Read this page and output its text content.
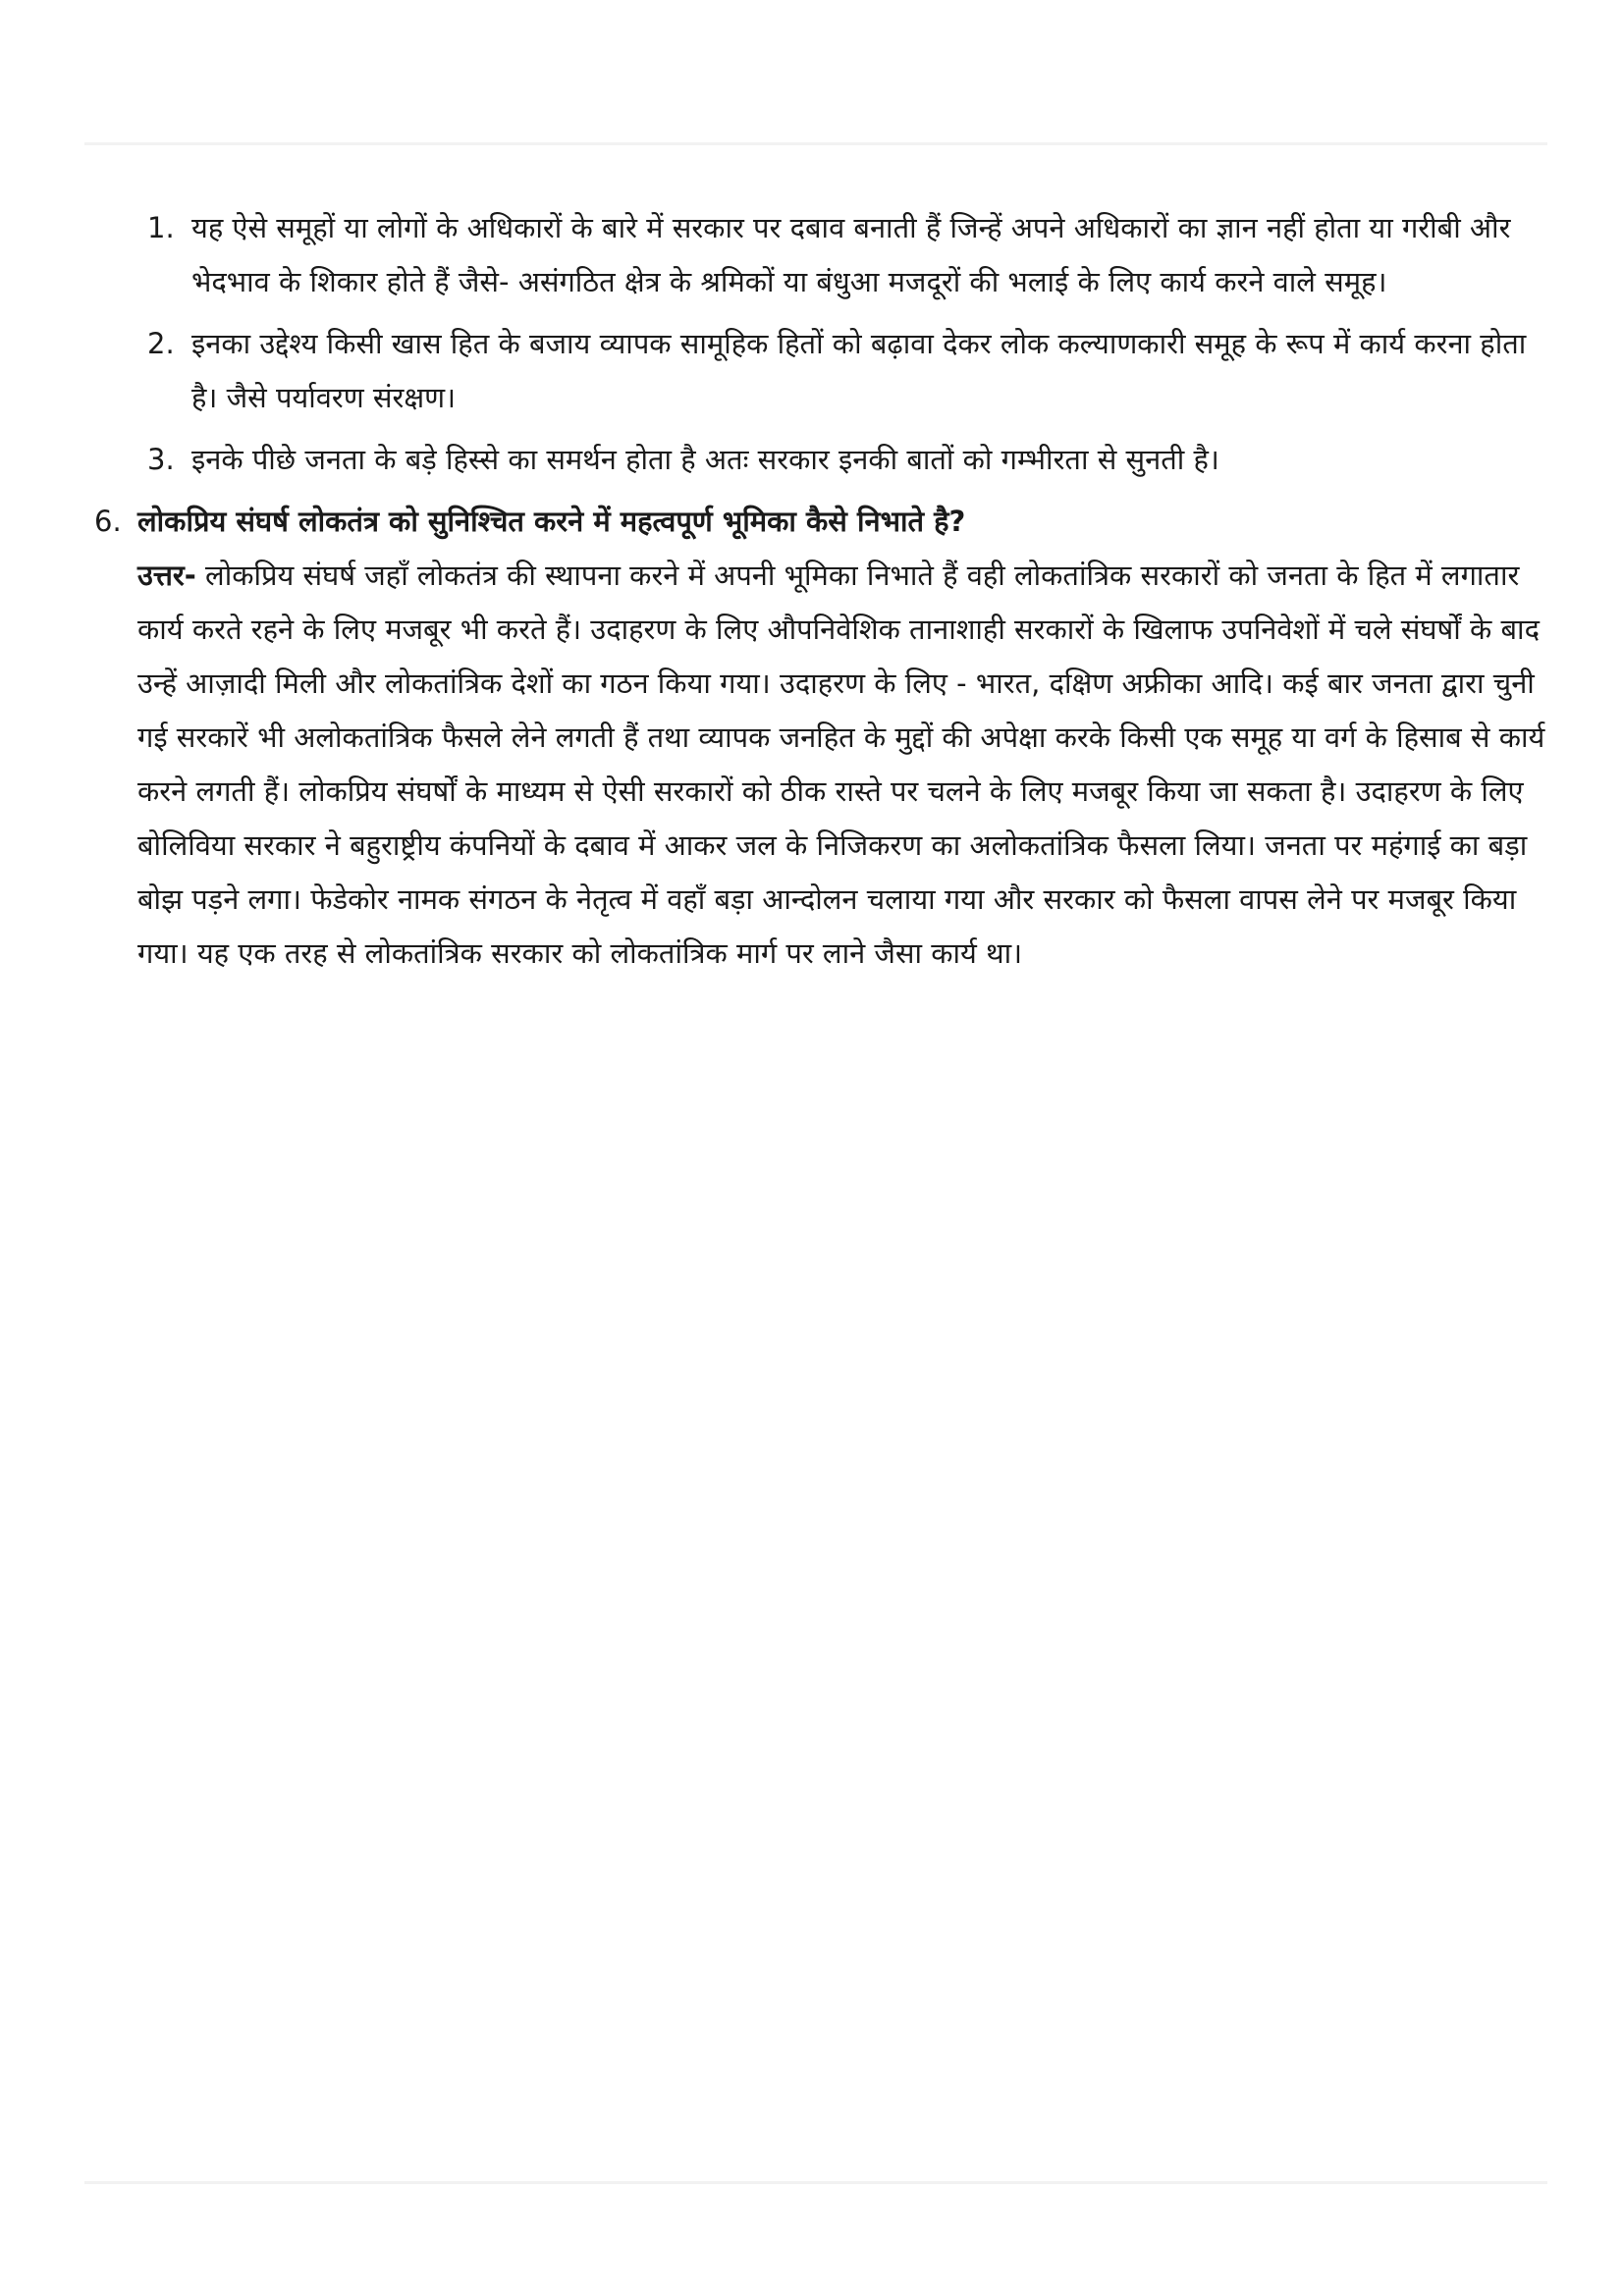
1. यह ऐसे समूहों या लोगों के अधिकारों के बारे में सरकार पर दबाव बनाती हैं जिन्हें अपने अधिकारों का ज्ञान नहीं होता या गरीबी और भेदभाव के शिकार होते हैं जैसे- असंगठित क्षेत्र के श्रमिकों या बंधुआ मजदूरों की भलाई के लिए कार्य करने वाले समूह।
2. इनका उद्देश्य किसी खास हित के बजाय व्यापक सामूहिक हितों को बढ़ावा देकर लोक कल्याणकारी समूह के रूप में कार्य करना होता है। जैसे पर्यावरण संरक्षण।
3. इनके पीछे जनता के बड़े हिस्से का समर्थन होता है अतः सरकार इनकी बातों को गम्भीरता से सुनती है।
6. लोकप्रिय संघर्ष लोकतंत्र को सुनिश्चित करने में महत्वपूर्ण भूमिका कैसे निभाते है?

उत्तर- लोकप्रिय संघर्ष जहाँ लोकतंत्र की स्थापना करने में अपनी भूमिका निभाते हैं वही लोकतांत्रिक सरकारों को जनता के हित में लगातार कार्य करते रहने के लिए मजबूर भी करते हैं। उदाहरण के लिए औपनिवेशिक तानाशाही सरकारों के खिलाफ उपनिवेशों में चले संघर्षों के बाद उन्हें आज़ादी मिली और लोकतांत्रिक देशों का गठन किया गया। उदाहरण के लिए - भारत, दक्षिण अफ्रीका आदि। कई बार जनता द्वारा चुनी गई सरकारें भी अलोकतांत्रिक फैसले लेने लगती हैं तथा व्यापक जनहित के मुद्दों की अपेक्षा करके किसी एक समूह या वर्ग के हिसाब से कार्य करने लगती हैं। लोकप्रिय संघर्षों के माध्यम से ऐसी सरकारों को ठीक रास्ते पर चलने के लिए मजबूर किया जा सकता है। उदाहरण के लिए बोलिविया सरकार ने बहुराष्ट्रीय कंपनियों के दबाव में आकर जल के निजिकरण का अलोकतांत्रिक फैसला लिया। जनता पर महंगाई का बड़ा बोझ पड़ने लगा। फेडेकोर नामक संगठन के नेतृत्व में वहाँ बड़ा आन्दोलन चलाया गया और सरकार को फैसला वापस लेने पर मजबूर किया गया। यह एक तरह से लोकतांत्रिक सरकार को लोकतांत्रिक मार्ग पर लाने जैसा कार्य था।
